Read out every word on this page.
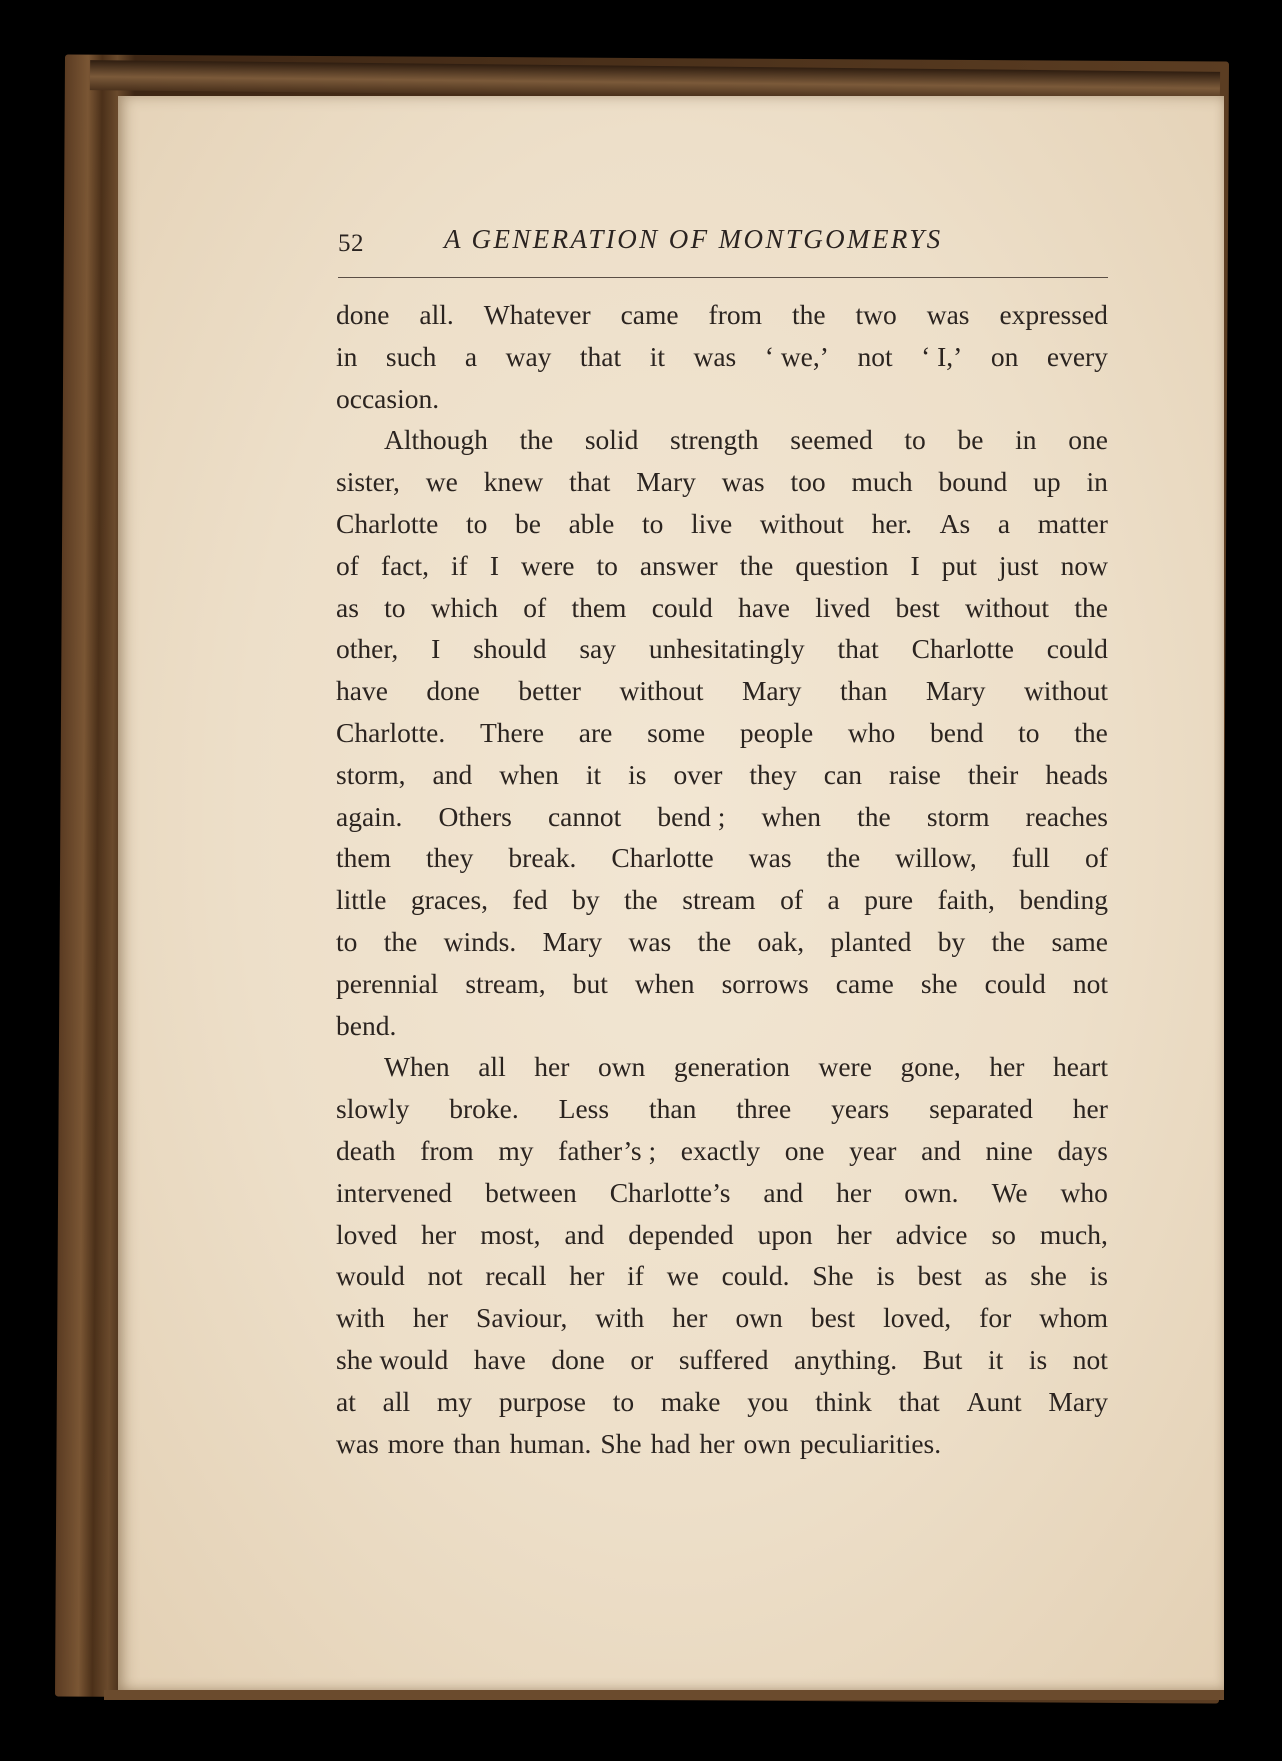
52	A GENERATION OF MONTGOMERYS
done all. Whatever came from the two was expressed
in such a way that it was ‘ we,’ not ‘ I,’ on every
occasion.
Although the solid strength seemed to be in one
sister, we knew that Mary was too much bound up in
Charlotte to be able to live without her. As a matter
of fact, if I were to answer the question I put just now
as to which of them could have lived best without the
other, I should say unhesitatingly that Charlotte could
have done better without Mary than Mary without
Charlotte. There are some people who bend to the
storm, and when it is over they can raise their heads
again. Others cannot bend ; when the storm reaches
them they break. Charlotte was the willow, full of
little graces, fed by the stream of a pure faith, bending
to the winds. Mary was the oak, planted by the same
perennial stream, but when sorrows came she could not
bend.
When all her own generation were gone, her heart
slowly broke. Less than three years separated her
death from my father’s ; exactly one year and nine days
intervened between Charlotte’s and her own. We who
loved her most, and depended upon her advice so much,
would not recall her if we could. She is best as she is
with her Saviour, with her own best loved, for whom
she would have done or suffered anything. But it is not
at all my purpose to make you think that Aunt Mary
was more than human. She had her own peculiarities.
